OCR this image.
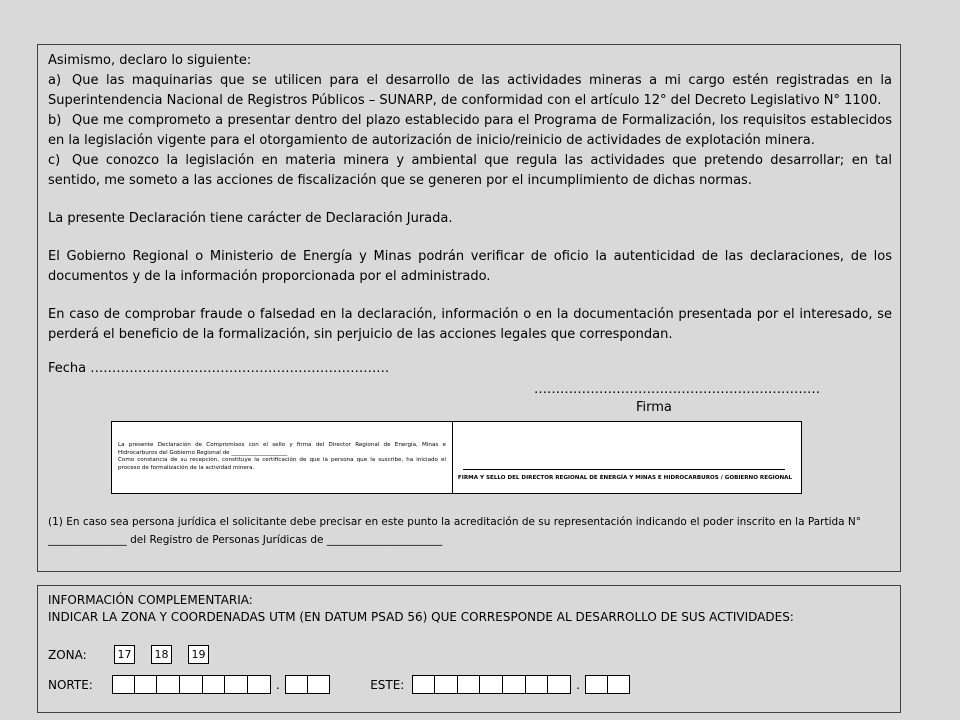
Asimismo, declaro lo siguiente:

a) Que las maquinarias que se utilicen para el desarrollo de las actividades mineras a mi cargo estén registradas en la Superintendencia Nacional de Registros Públicos – SUNARP, de conformidad con el artículo 12° del Decreto Legislativo N° 1100.

b) Que me comprometo a presentar dentro del plazo establecido para el Programa de Formalización, los requisitos establecidos en la legislación vigente para el otorgamiento de autorización de inicio/reinicio de actividades de explotación minera.

c) Que conozco la legislación en materia minera y ambiental que regula las actividades que pretendo desarrollar; en tal sentido, me someto a las acciones de fiscalización que se generen por el incumplimiento de dichas normas.

La presente Declaración tiene carácter de Declaración Jurada.

El Gobierno Regional o Ministerio de Energía y Minas podrán verificar de oficio la autenticidad de las declaraciones, de los documentos y de la información proporcionada por el administrado.

En caso de comprobar fraude o falsedad en la declaración, información o en la documentación presentada por el interesado, se perderá el beneficio de la formalización, sin perjuicio de las acciones legales que correspondan.

Fecha ……………………………………………………………
…………………………………………………………
Firma
La presente Declaración de Compromisos con el sello y firma del Director Regional de Energía, Minas e Hidrocarburos del Gobierno Regional de ____________________
Como constancia de su recepción, constituye la certificación de que la persona que la suscribe, ha iniciado el proceso de formalización de la actividad minera.
FIRMA Y SELLO DEL DIRECTOR REGIONAL DE ENERGÍA Y MINAS E HIDROCARBUROS / GOBIERNO REGIONAL
(1) En caso sea persona jurídica el solicitante debe precisar en este punto la acreditación de su representación indicando el poder inscrito en la Partida N°
_______________ del Registro de Personas Jurídicas de ______________________
INFORMACIÓN COMPLEMENTARIA:
INDICAR LA ZONA Y COORDENADAS UTM (EN DATUM PSAD 56) QUE CORRESPONDE AL DESARROLLO DE SUS ACTIVIDADES:
ZONA:	17	18	19
NORTE:	.	ESTE:	.
